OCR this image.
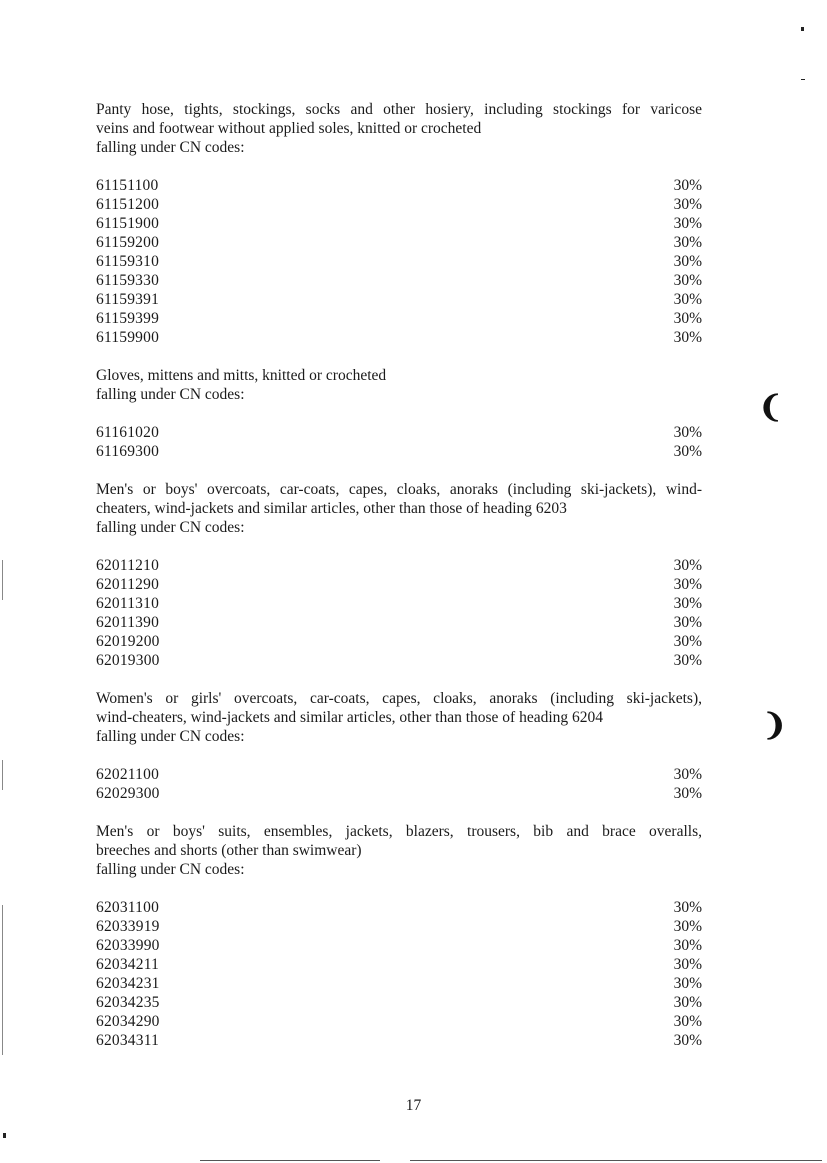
Panty hose, tights, stockings, socks and other hosiery, including stockings for varicose
veins and footwear without applied soles, knitted or crocheted
falling under CN codes:
61151100	30%
61151200	30%
61151900	30%
61159200	30%
61159310	30%
61159330	30%
61159391	30%
61159399	30%
61159900	30%
Gloves, mittens and mitts, knitted or crocheted
falling under CN codes:
61161020	30%
61169300	30%
Men's or boys' overcoats, car-coats, capes, cloaks, anoraks (including ski-jackets), wind-
cheaters, wind-jackets and similar articles, other than those of heading 6203
falling under CN codes:
62011210	30%
62011290	30%
62011310	30%
62011390	30%
62019200	30%
62019300	30%
Women's or girls' overcoats, car-coats, capes, cloaks, anoraks (including ski-jackets),
wind-cheaters, wind-jackets and similar articles, other than those of heading 6204
falling under CN codes:
62021100	30%
62029300	30%
Men's or boys' suits, ensembles, jackets, blazers, trousers, bib and brace overalls,
breeches and shorts (other than swimwear)
falling under CN codes:
62031100	30%
62033919	30%
62033990	30%
62034211	30%
62034231	30%
62034235	30%
62034290	30%
62034311	30%
17
❨
❩
